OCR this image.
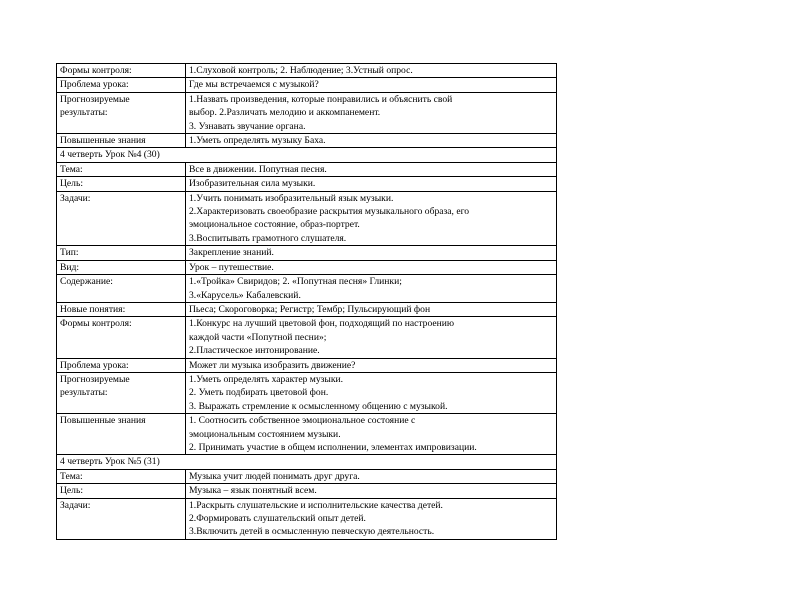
Формы контроля:	1.Слуховой контроль; 2. Наблюдение; 3.Устный опрос.

Проблема урока:	Где мы встречаемся с музыкой?

Прогнозируемые
результаты:	1.Назвать произведения, которые понравились и объяснить свой
выбор. 2.Различать мелодию и аккомпанемент.
3. Узнавать звучание органа.

Повышенные знания	1.Уметь определять музыку Баха.

4 четверть Урок №4 (30)	

Тема:	Все в движении. Попутная песня.

Цель:	Изобразительная сила музыки.

Задачи:	1.Учить понимать изобразительный язык музыки.
2.Характеризовать своеобразие раскрытия музыкального образа, его
эмоциональное состояние, образ-портрет.
3.Воспитывать грамотного слушателя.

Тип:	Закрепление знаний.

Вид:	Урок – путешествие.

Содержание:	1.«Тройка» Свиридов; 2. «Попутная песня» Глинки;
3.«Карусель» Кабалевский.

Новые понятия:	Пьеса; Скороговорка; Регистр; Тембр; Пульсирующий фон

Формы контроля:	1.Конкурс на лучший цветовой фон, подходящий по настроению
каждой части «Попутной песни»;
2.Пластическое интонирование.

Проблема урока:	Может ли музыка изобразить движение?

Прогнозируемые
результаты:	1.Уметь определять характер музыки.
2. Уметь подбирать цветовой фон.
3. Выражать стремление к осмысленному общению с музыкой.

Повышенные знания	1. Соотносить собственное эмоциональное состояние с
эмоциональным состоянием музыки.
2. Принимать участие в общем исполнении, элементах импровизации.

4 четверть Урок №5 (31)	

Тема:	Музыка учит людей понимать друг друга.

Цель:	Музыка – язык понятный всем.

Задачи:	1.Раскрыть слушательские и исполнительские качества детей.
2.Формировать слушательский опыт детей.
3.Включить детей в осмысленную певческую деятельность.
